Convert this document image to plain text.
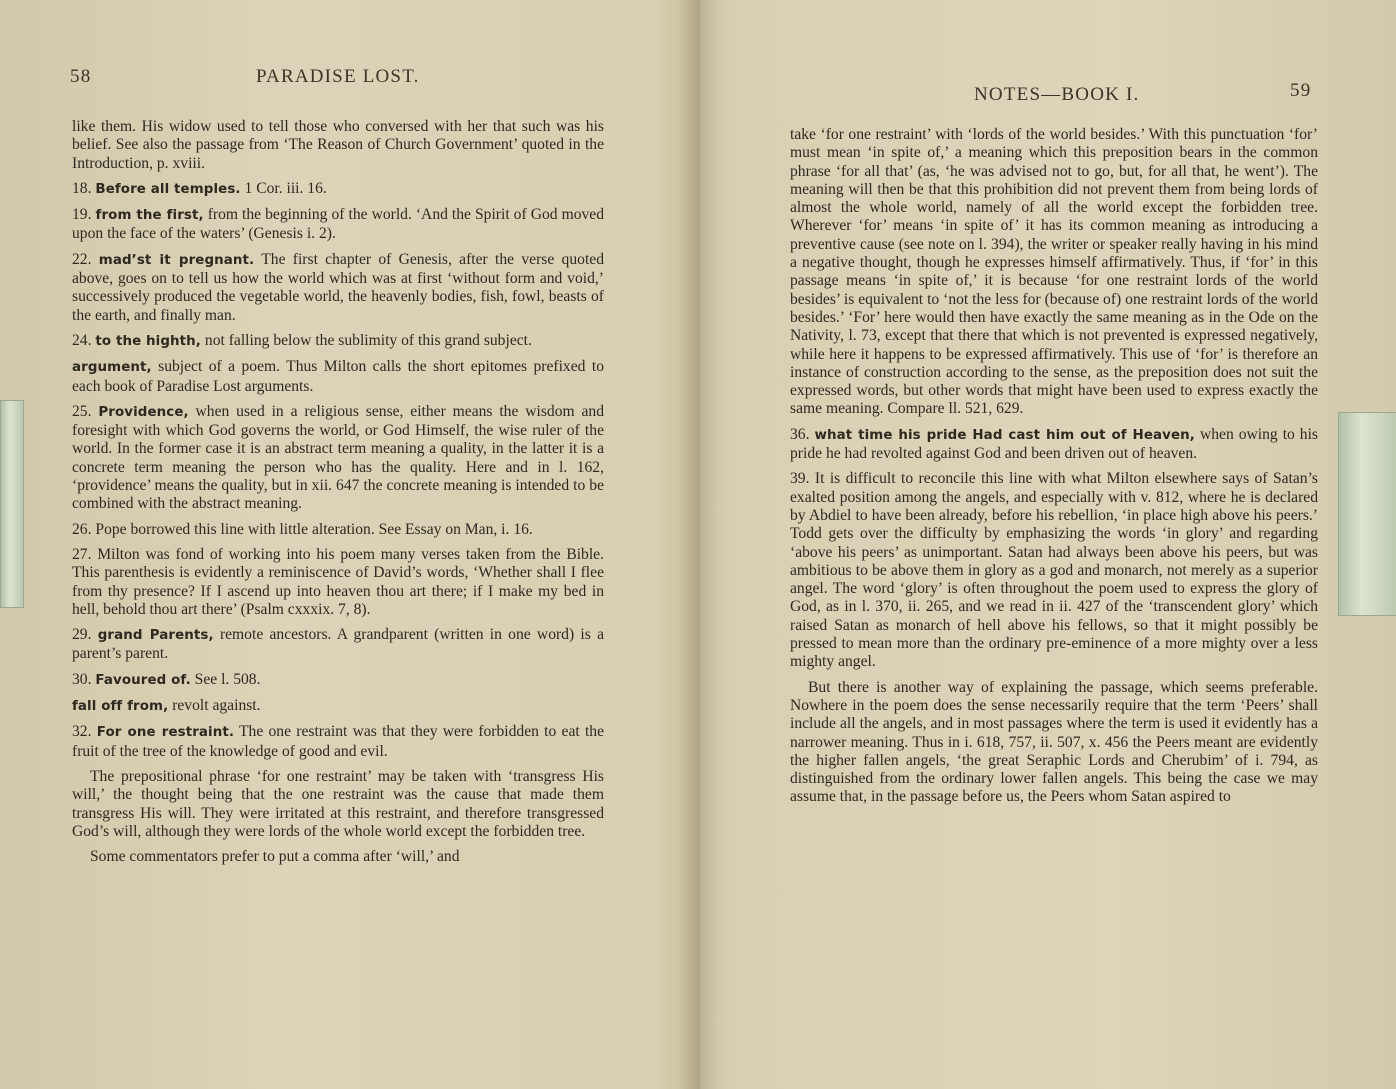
58	PARADISE LOST.

like them. His widow used to tell those who conversed with her that such was his belief. See also the passage from ‘The Reason of Church Government’ quoted in the Introduction, p. xviii.

18. Before all temples. 1 Cor. iii. 16.

19. from the first, from the beginning of the world. ‘And the Spirit of God moved upon the face of the waters’ (Genesis i. 2).

22. mad’st it pregnant. The first chapter of Genesis, after the verse quoted above, goes on to tell us how the world which was at first ‘without form and void,’ successively produced the vegetable world, the heavenly bodies, fish, fowl, beasts of the earth, and finally man.

24. to the highth, not falling below the sublimity of this grand subject.

argument, subject of a poem. Thus Milton calls the short epitomes prefixed to each book of Paradise Lost arguments.

25. Providence, when used in a religious sense, either means the wisdom and foresight with which God governs the world, or God Himself, the wise ruler of the world. In the former case it is an abstract term meaning a quality, in the latter it is a concrete term meaning the person who has the quality. Here and in l. 162, ‘providence’ means the quality, but in xii. 647 the concrete meaning is intended to be combined with the abstract meaning.

26. Pope borrowed this line with little alteration. See Essay on Man, i. 16.

27. Milton was fond of working into his poem many verses taken from the Bible. This parenthesis is evidently a reminiscence of David’s words, ‘Whether shall I flee from thy presence? If I ascend up into heaven thou art there; if I make my bed in hell, behold thou art there’ (Psalm cxxxix. 7, 8).

29. grand Parents, remote ancestors. A grandparent (written in one word) is a parent’s parent.

30. Favoured of. See l. 508.

fall off from, revolt against.

32. For one restraint. The one restraint was that they were forbidden to eat the fruit of the tree of the knowledge of good and evil.

The prepositional phrase ‘for one restraint’ may be taken with ‘transgress His will,’ the thought being that the one restraint was the cause that made them transgress His will. They were irritated at this restraint, and therefore transgressed God’s will, although they were lords of the whole world except the forbidden tree.

Some commentators prefer to put a comma after ‘will,’ and

NOTES—BOOK I.	59

take ‘for one restraint’ with ‘lords of the world besides.’ With this punctuation ‘for’ must mean ‘in spite of,’ a meaning which this preposition bears in the common phrase ‘for all that’ (as, ‘he was advised not to go, but, for all that, he went’). The meaning will then be that this prohibition did not prevent them from being lords of almost the whole world, namely of all the world except the forbidden tree. Wherever ‘for’ means ‘in spite of’ it has its common meaning as introducing a preventive cause (see note on l. 394), the writer or speaker really having in his mind a negative thought, though he expresses himself affirmatively. Thus, if ‘for’ in this passage means ‘in spite of,’ it is because ‘for one restraint lords of the world besides’ is equivalent to ‘not the less for (because of) one restraint lords of the world besides.’ ‘For’ here would then have exactly the same meaning as in the Ode on the Nativity, l. 73, except that there that which is not prevented is expressed negatively, while here it happens to be expressed affirmatively. This use of ‘for’ is therefore an instance of construction according to the sense, as the preposition does not suit the expressed words, but other words that might have been used to express exactly the same meaning. Compare ll. 521, 629.

36. what time his pride Had cast him out of Heaven, when owing to his pride he had revolted against God and been driven out of heaven.

39. It is difficult to reconcile this line with what Milton elsewhere says of Satan’s exalted position among the angels, and especially with v. 812, where he is declared by Abdiel to have been already, before his rebellion, ‘in place high above his peers.’ Todd gets over the difficulty by emphasizing the words ‘in glory’ and regarding ‘above his peers’ as unimportant. Satan had always been above his peers, but was ambitious to be above them in glory as a god and monarch, not merely as a superior angel. The word ‘glory’ is often throughout the poem used to express the glory of God, as in l. 370, ii. 265, and we read in ii. 427 of the ‘transcendent glory’ which raised Satan as monarch of hell above his fellows, so that it might possibly be pressed to mean more than the ordinary pre-eminence of a more mighty over a less mighty angel.

But there is another way of explaining the passage, which seems preferable. Nowhere in the poem does the sense necessarily require that the term ‘Peers’ shall include all the angels, and in most passages where the term is used it evidently has a narrower meaning. Thus in i. 618, 757, ii. 507, x. 456 the Peers meant are evidently the higher fallen angels, ‘the great Seraphic Lords and Cherubim’ of i. 794, as distinguished from the ordinary lower fallen angels. This being the case we may assume that, in the passage before us, the Peers whom Satan aspired to
